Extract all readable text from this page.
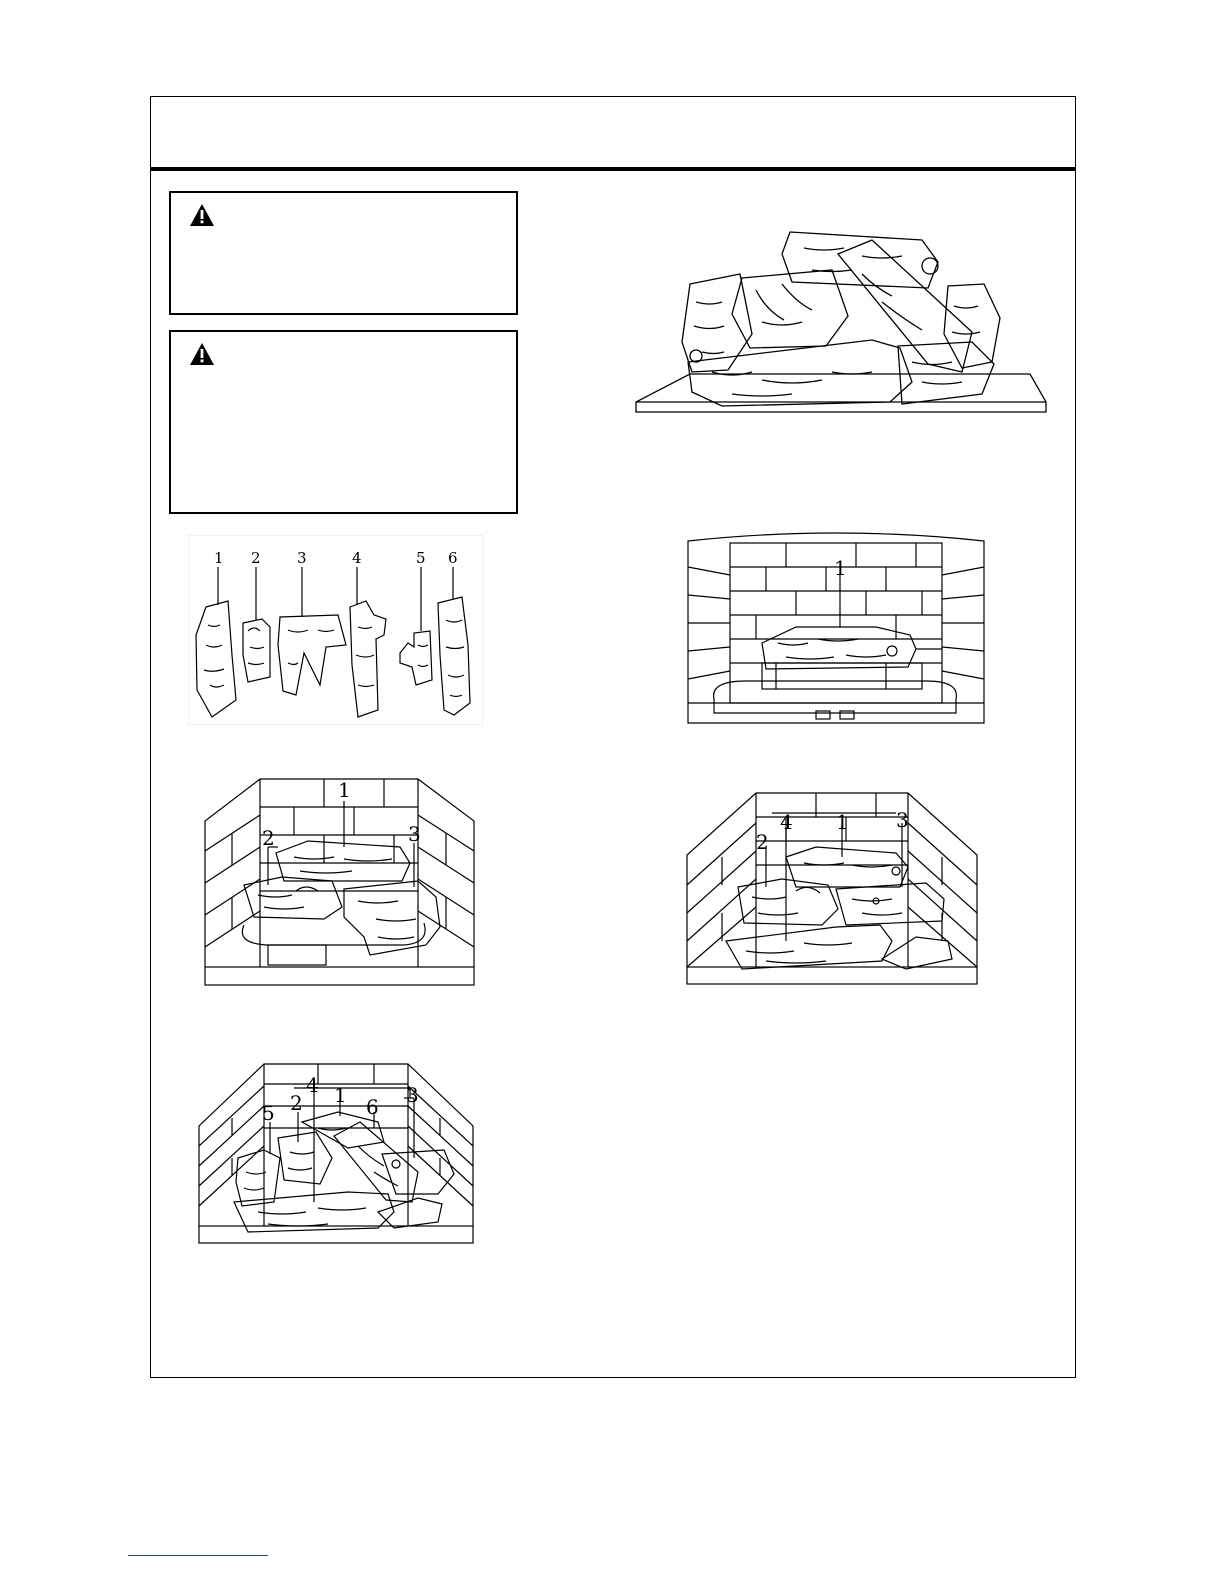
1 2 3	4	5 6	1
1
2	3	4 1 3
2
4 1	3
5 2	6
